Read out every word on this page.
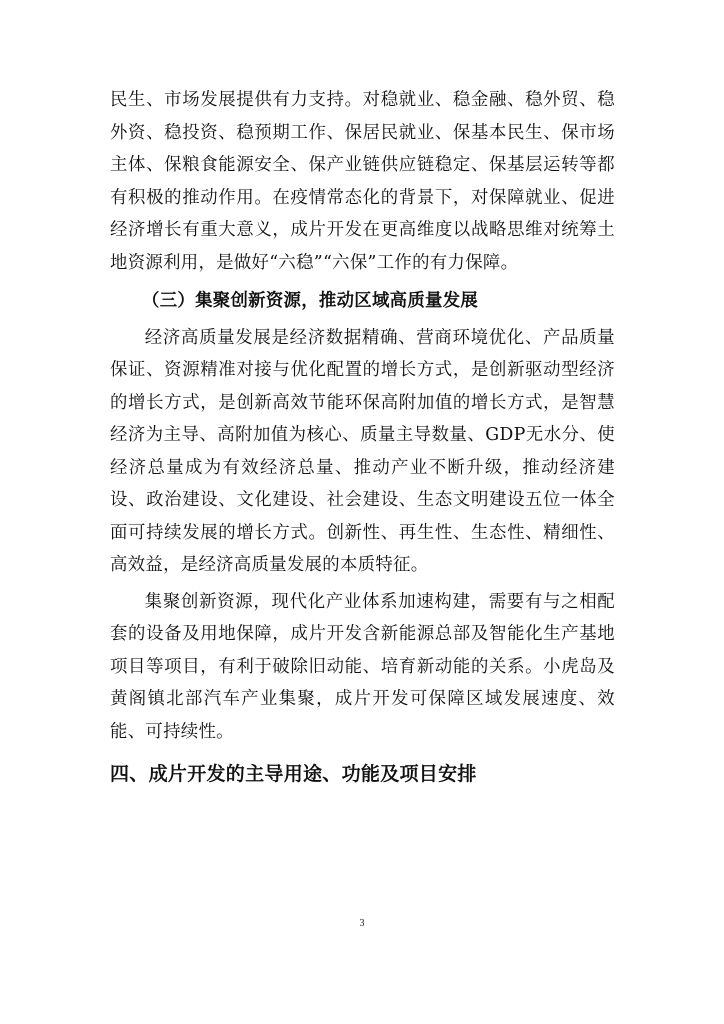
民生、市场发展提供有力支持。对稳就业、稳金融、稳外贸、稳外资、稳投资、稳预期工作、保居民就业、保基本民生、保市场主体、保粮食能源安全、保产业链供应链稳定、保基层运转等都有积极的推动作用。在疫情常态化的背景下，对保障就业、促进经济增长有重大意义，成片开发在更高维度以战略思维对统筹土地资源利用，是做好“六稳”“六保”工作的有力保障。

（三）集聚创新资源，推动区域高质量发展

经济高质量发展是经济数据精确、营商环境优化、产品质量保证、资源精准对接与优化配置的增长方式，是创新驱动型经济的增长方式，是创新高效节能环保高附加值的增长方式，是智慧经济为主导、高附加值为核心、质量主导数量、GDP无水分、使经济总量成为有效经济总量、推动产业不断升级，推动经济建设、政治建设、文化建设、社会建设、生态文明建设五位一体全面可持续发展的增长方式。创新性、再生性、生态性、精细性、高效益，是经济高质量发展的本质特征。

集聚创新资源，现代化产业体系加速构建，需要有与之相配套的设备及用地保障，成片开发含新能源总部及智能化生产基地项目等项目，有利于破除旧动能、培育新动能的关系。小虎岛及黄阁镇北部汽车产业集聚，成片开发可保障区域发展速度、效能、可持续性。

四、成片开发的主导用途、功能及项目安排

3
